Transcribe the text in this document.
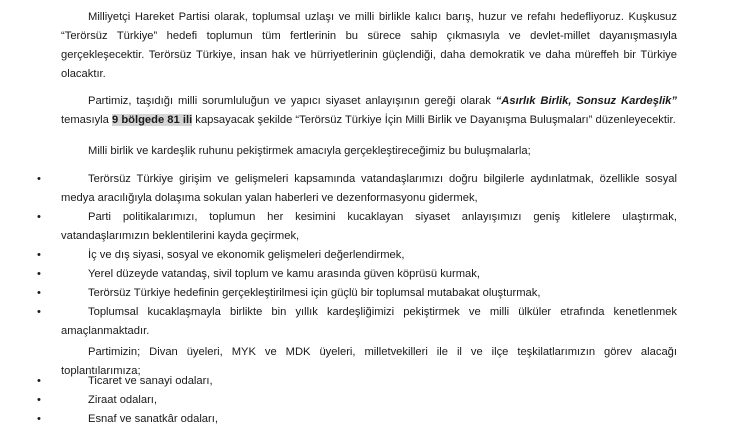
Milliyetçi Hareket Partisi olarak, toplumsal uzlaşı ve milli birlikle kalıcı barış, huzur ve refahı hedefliyoruz. Kuşkusuz “Terörsüz Türkiye” hedefi toplumun tüm fertlerinin bu sürece sahip çıkmasıyla ve devlet-millet dayanışmasıyla gerçekleşecektir. Terörsüz Türkiye, insan hak ve hürriyetlerinin güçlendiği, daha demokratik ve daha müreffeh bir Türkiye olacaktır.

Partimiz, taşıdığı milli sorumluluğun ve yapıcı siyaset anlayışının gereği olarak “Asırlık Birlik, Sonsuz Kardeşlik” temasıyla 9 bölgede 81 ili kapsayacak şekilde “Terörsüz Türkiye İçin Milli Birlik ve Dayanışma Buluşmaları” düzenleyecektir.

Milli birlik ve kardeşlik ruhunu pekiştirmek amacıyla gerçekleştireceğimiz bu buluşmalarla;

•	Terörsüz Türkiye girişim ve gelişmeleri kapsamında vatandaşlarımızı doğru bilgilerle aydınlatmak, özellikle sosyal medya aracılığıyla dolaşıma sokulan yalan haberleri ve dezenformasyonu gidermek,
•	Parti politikalarımızı, toplumun her kesimini kucaklayan siyaset anlayışımızı geniş kitlelere ulaştırmak, vatandaşlarımızın beklentilerini kayda geçirmek,
•	İç ve dış siyasi, sosyal ve ekonomik gelişmeleri değerlendirmek,
•	Yerel düzeyde vatandaş, sivil toplum ve kamu arasında güven köprüsü kurmak,
•	Terörsüz Türkiye hedefinin gerçekleştirilmesi için güçlü bir toplumsal mutabakat oluşturmak,
•	Toplumsal kucaklaşmayla birlikte bin yıllık kardeşliğimizi pekiştirmek ve milli ülküler etrafında kenetlenmek amaçlanmaktadır.

Partimizin; Divan üyeleri, MYK ve MDK üyeleri, milletvekilleri ile il ve ilçe teşkilatlarımızın görev alacağı toplantılarımıza;

•	Ticaret ve sanayi odaları,
•	Ziraat odaları,
•	Esnaf ve sanatkâr odaları,
